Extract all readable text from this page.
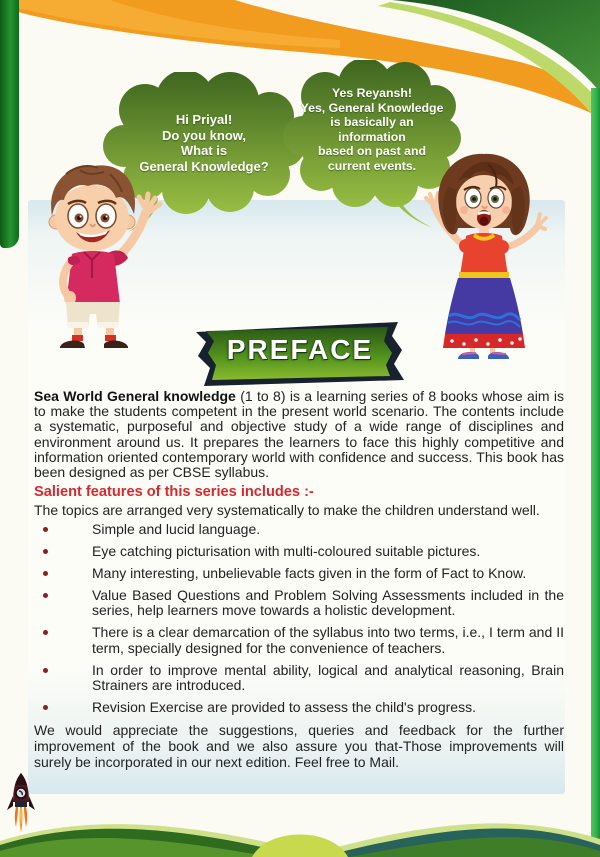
Hi Priyal!
Do you know,
What is
General Knowledge?
Yes Reyansh!
Yes, General Knowledge
is basically an
information
based on past and
current events.
PREFACE

Sea World General knowledge (1 to 8) is a learning series of 8 books whose aim is to make the students competent in the present world scenario. The contents include a systematic, purposeful and objective study of a wide range of disciplines and environment around us. It prepares the learners to face this highly competitive and information oriented contemporary world with confidence and success. This book has been designed as per CBSE syllabus.

Salient features of this series includes :-

The topics are arranged very systematically to make the children understand well.

Simple and lucid language.
Eye catching picturisation with multi-coloured suitable pictures.
Many interesting, unbelievable facts given in the form of Fact to Know.
Value Based Questions and Problem Solving Assessments included in the series, help learners move towards a holistic development.
There is a clear demarcation of the syllabus into two terms, i.e., I term and II term, specially designed for the convenience of teachers.
In order to improve mental ability, logical and analytical reasoning, Brain Strainers are introduced.
Revision Exercise are provided to assess the child's progress.

We would appreciate the suggestions, queries and feedback for the further improvement of the book and we also assure you that-Those improvements will surely be incorporated in our next edition. Feel free to Mail.
